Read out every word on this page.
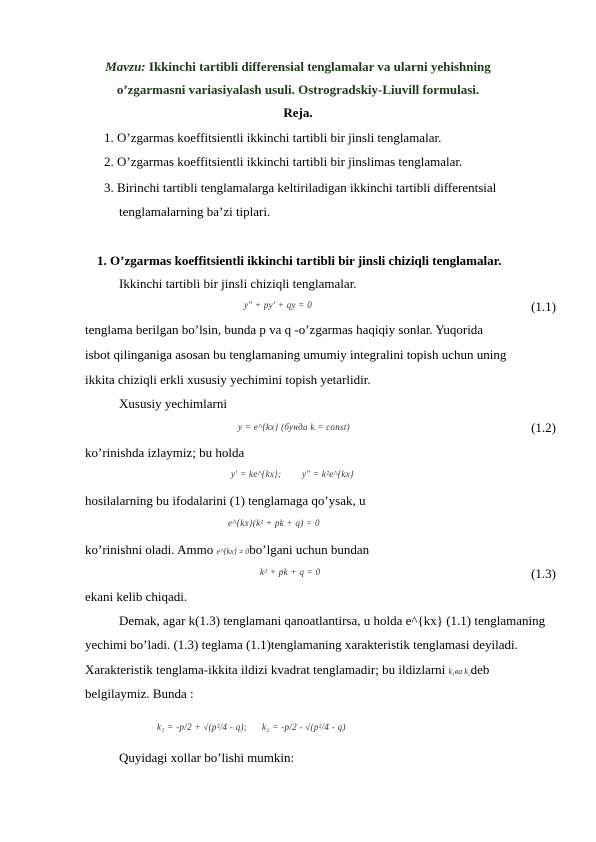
Mavzu: Ikkinchi tartibli differensial tenglamalar va ularni yehishning
o’zgarmasni variasiyalash usuli. Ostrogradskiy-Liuvill formulasi.
Reja.
1. O’zgarmas koeffitsientli ikkinchi tartibli bir jinsli tenglamalar.
2. O’zgarmas koeffitsientli ikkinchi tartibli bir jinslimas tenglamalar.
3. Birinchi tartibli tenglamalarga keltiriladigan ikkinchi tartibli differentsial
tenglamalarning ba’zi tiplari.
1. O’zgarmas koeffitsientli ikkinchi tartibli bir jinsli chiziqli tenglamalar.
Ikkinchi tartibli bir jinsli chiziqli tenglamalar.
y" + py' + qy = 0	(1.1)
tenglama berilgan bo’lsin, bunda p va q -o’zgarmas haqiqiy sonlar. Yuqorida
isbot qilinganiga asosan bu tenglamaning umumiy integralini topish uchun uning
ikkita chiziqli erkli xususiy yechimini topish yetarlidir.
Xususiy yechimlarni
y = e^{kx} (бунда k = const)	(1.2)
ko’rinishda izlaymiz; bu holda
y' = ke^{kx}; y" = k²e^{kx}
hosilalarning bu ifodalarini (1) tenglamaga qo’ysak, u
e^{kx}(k² + pk + q) = 0
ko’rinishni oladi. Ammo e^{kx} ≠ 0bo’lgani uchun bundan
k² + pk + q = 0	(1.3)
ekani kelib chiqadi.
Demak, agar k(1.3) tenglamani qanoatlantirsa, u holda e^{kx} (1.1) tenglamaning
yechimi bo’ladi. (1.3) teglama (1.1)tenglamaning xarakteristik tenglamasi deyiladi.
Xarakteristik tenglama-ikkita ildizi kvadrat tenglamadir; bu ildizlarni k₁ва k₂deb
belgilaymiz. Bunda :
k₁ = -p/2 + √(p²/4 - q); k₂ = -p/2 - √(p²/4 - q)
Quyidagi xollar bo’lishi mumkin:
